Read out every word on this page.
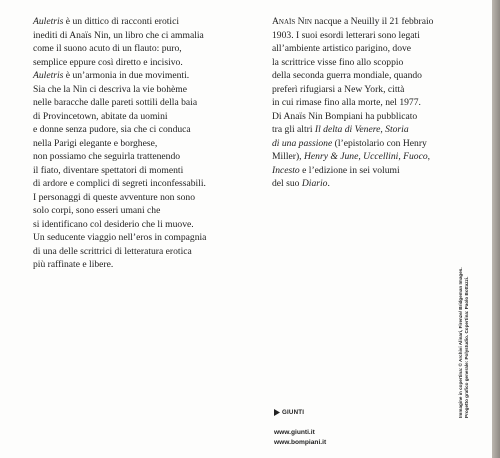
Auletris è un dittico di racconti erotici
inediti di Anaïs Nin, un libro che ci ammalia
come il suono acuto di un flauto: puro,
semplice eppure così diretto e incisivo.
Auletris è un’armonia in due movimenti.
Sia che la Nin ci descriva la vie bohème
nelle baracche dalle pareti sottili della baia
di Provincetown, abitate da uomini
e donne senza pudore, sia che ci conduca
nella Parigi elegante e borghese,
non possiamo che seguirla trattenendo
il fiato, diventare spettatori di momenti
di ardore e complici di segreti inconfessabili.
I personaggi di queste avventure non sono
solo corpi, sono esseri umani che
si identificano col desiderio che li muove.
Un seducente viaggio nell’eros in compagnia
di una delle scrittrici di letteratura erotica
più raffinate e libere.
Anaïs Nin nacque a Neuilly il 21 febbraio
1903. I suoi esordi letterari sono legati
all’ambiente artistico parigino, dove
la scrittrice visse fino allo scoppio
della seconda guerra mondiale, quando
preferì rifugiarsi a New York, città
in cui rimase fino alla morte, nel 1977.
Di Anaïs Nin Bompiani ha pubblicato
tra gli altri Il delta di Venere, Storia
di una passione (l’epistolario con Henry
Miller), Henry & June, Uccellini, Fuoco,
Incesto e l’edizione in sei volumi
del suo Diario.
GIUNTI
www.giunti.it
www.bompiani.it
Immagine in copertina: © Archivi Alinari, Firenze/ Bridgeman Images. Progetto grafico generale: Polystudio. Copertina: Paolo Bottazzi.
